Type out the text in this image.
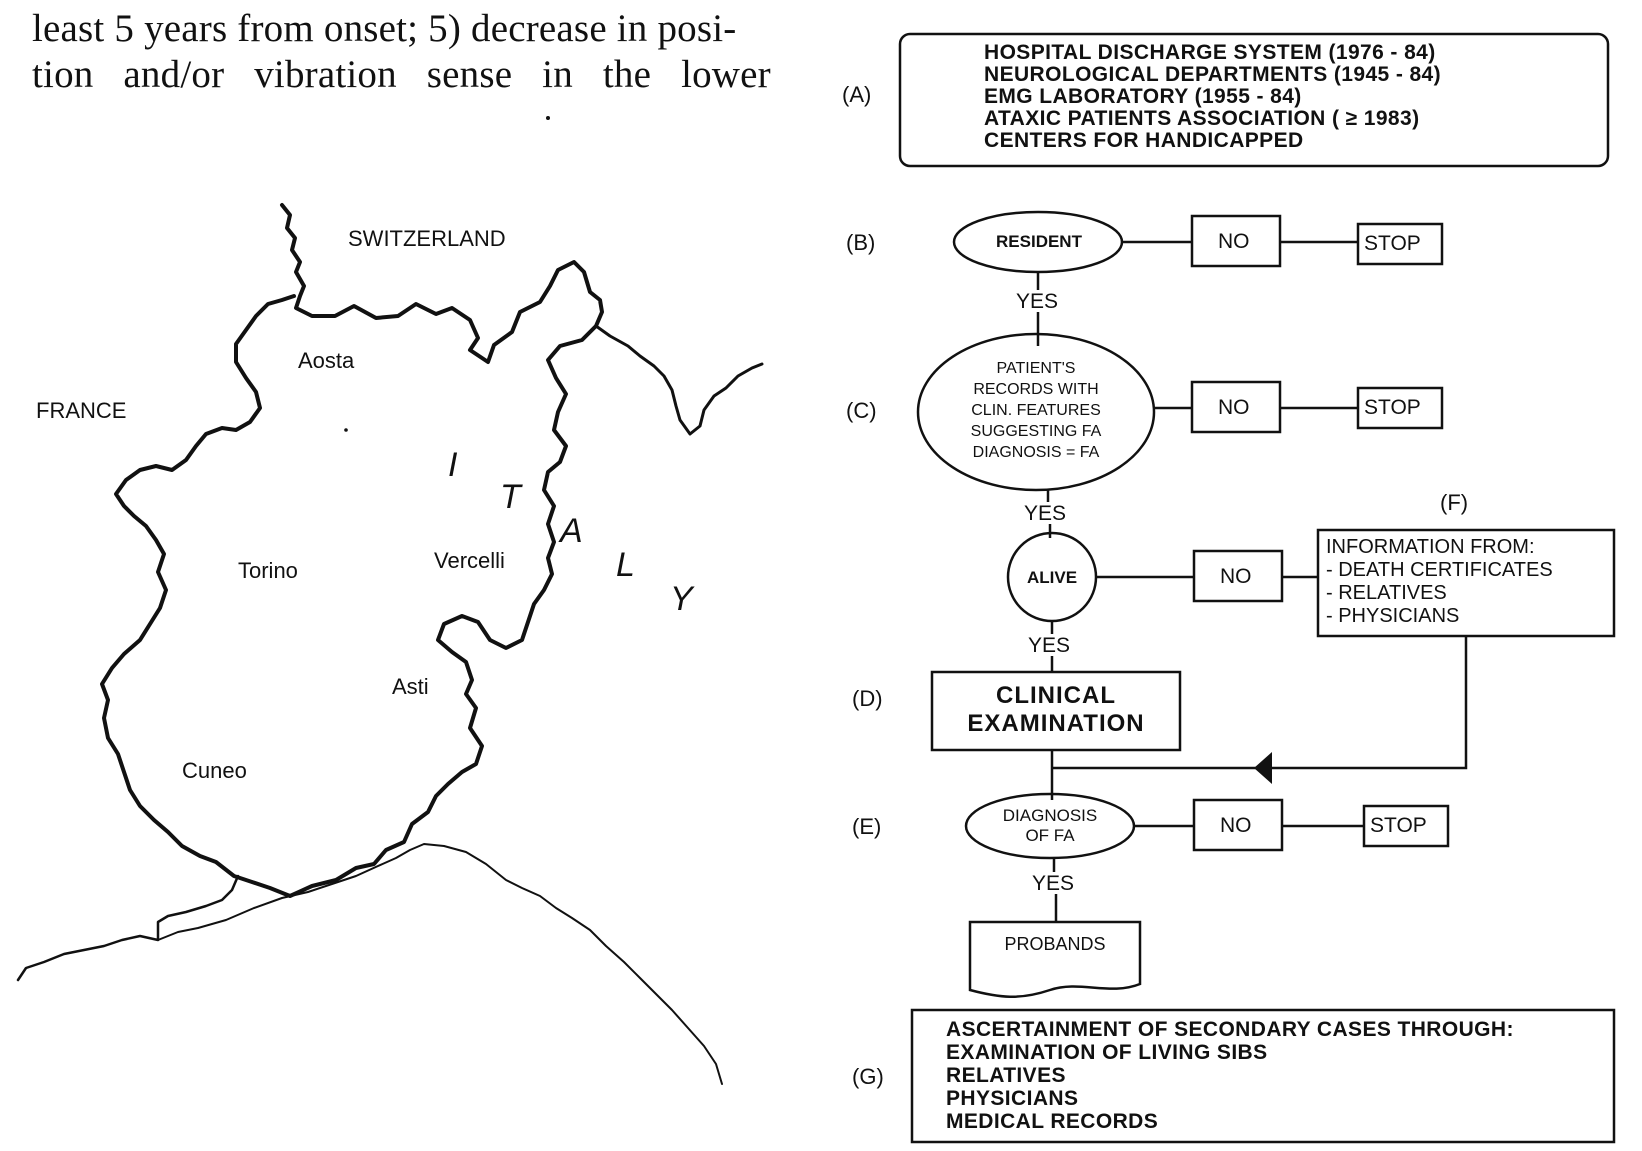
least 5 years from onset; 5) decrease in posi-
tion and/or vibration sense in the lower
SWITZERLAND
FRANCE
Aosta
Torino	Vercelli
Asti
Cuneo
I
T
A
L
Y
(A)
(B)
(C)
(D)
(E)
(F)
(G)
HOSPITAL DISCHARGE SYSTEM (1976 - 84)
NEUROLOGICAL DEPARTMENTS (1945 - 84)
EMG LABORATORY (1955 - 84)
ATAXIC PATIENTS ASSOCIATION ( ≥ 1983)
CENTERS FOR HANDICAPPED
RESIDENT	NO	STOP
YES
PATIENT'S
RECORDS WITH
CLIN. FEATURES
SUGGESTING FA
DIAGNOSIS = FA
NO	STOP
YES
ALIVE	NO
YES
INFORMATION FROM:
- DEATH CERTIFICATES
- RELATIVES
- PHYSICIANS
CLINICAL
EXAMINATION
DIAGNOSIS
OF FA	NO	STOP
YES
PROBANDS
ASCERTAINMENT OF SECONDARY CASES THROUGH:
EXAMINATION OF LIVING SIBS
RELATIVES
PHYSICIANS
MEDICAL RECORDS
